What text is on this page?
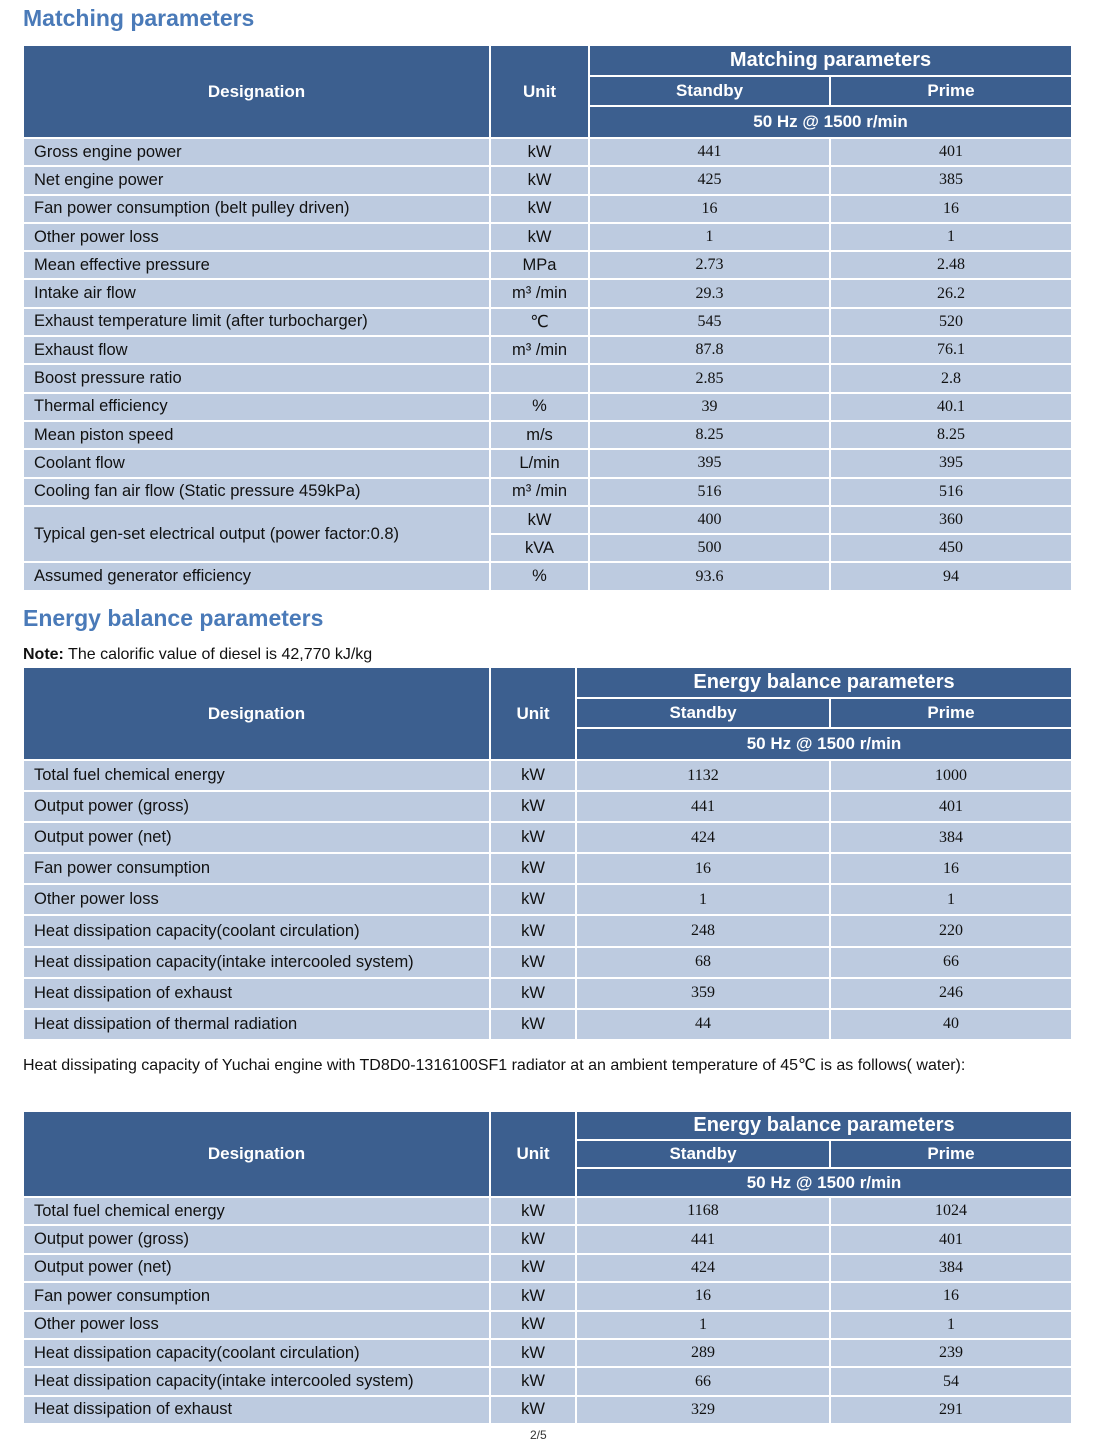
Matching parameters
Designation	Unit	Matching parameters	
		Standby	Prime
		50 Hz @ 1500 r/min	
Gross engine power	kW	441	401
Net engine power	kW	425	385
Fan power consumption (belt pulley driven)	kW	16	16
Other power loss	kW	1	1
Mean effective pressure	MPa	2.73	2.48
Intake air flow	m³ /min	29.3	26.2
Exhaust temperature limit (after turbocharger)	℃	545	520
Exhaust flow	m³ /min	87.8	76.1
Boost pressure ratio		2.85	2.8
Thermal efficiency	%	39	40.1
Mean piston speed	m/s	8.25	8.25
Coolant flow	L/min	395	395
Cooling fan air flow (Static pressure 459kPa)	m³ /min	516	516
Typical gen-set electrical output (power factor:0.8)	kW	400	360
	kVA	500	450
Assumed generator efficiency	%	93.6	94
Energy balance parameters
Note: The calorific value of diesel is 42,770 kJ/kg
Designation	Unit	Energy balance parameters	
		Standby	Prime
		50 Hz @ 1500 r/min	
Total fuel chemical energy	kW	1132	1000
Output power (gross)	kW	441	401
Output power (net)	kW	424	384
Fan power consumption	kW	16	16
Other power loss	kW	1	1
Heat dissipation capacity(coolant circulation)	kW	248	220
Heat dissipation capacity(intake intercooled system)	kW	68	66
Heat dissipation of exhaust	kW	359	246
Heat dissipation of thermal radiation	kW	44	40
Heat dissipating capacity of Yuchai engine with TD8D0-1316100SF1 radiator at an ambient temperature of 45℃ is as follows( water):
Designation	Unit	Energy balance parameters	
		Standby	Prime
		50 Hz @ 1500 r/min	
Total fuel chemical energy	kW	1168	1024
Output power (gross)	kW	441	401
Output power (net)	kW	424	384
Fan power consumption	kW	16	16
Other power loss	kW	1	1
Heat dissipation capacity(coolant circulation)	kW	289	239
Heat dissipation capacity(intake intercooled system)	kW	66	54
Heat dissipation of exhaust	kW	329	291
2/5
